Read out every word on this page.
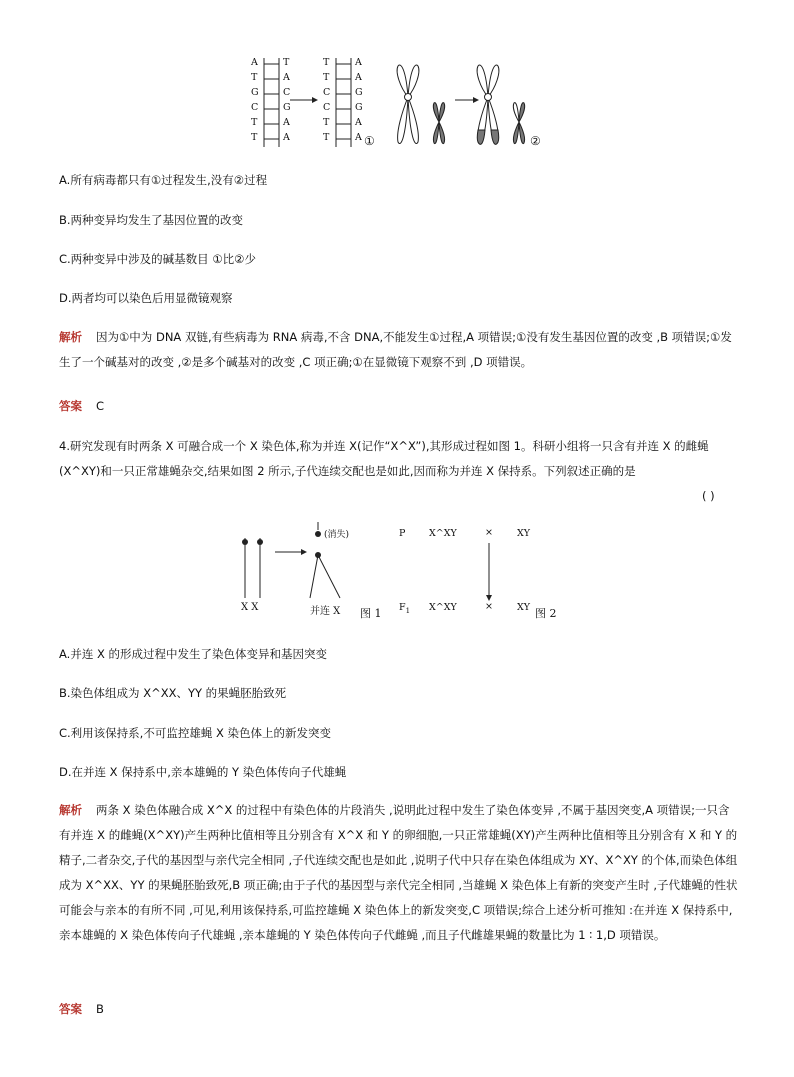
A
T
G
C
T
T
T
A
C
G
A
A
T
T
C
C
T
T
A
A
G
G
A
A ①	②
A.所有病毒都只有①过程发生,没有②过程
B.两种变异均发生了基因位置的改变
C.两种变异中涉及的碱基数目 ①比②少
D.两者均可以染色后用显微镜观察
解析 因为①中为 DNA 双链,有些病毒为 RNA 病毒,不含 DNA,不能发生①过程,A 项错误;①没有发生基因位置的改变 ,B 项错误;①发生了一个碱基对的改变 ,②是多个碱基对的改变 ,C 项正确;①在显微镜下观察不到 ,D 项错误。
答案 C
4.研究发现有时两条 X 可融合成一个 X 染色体,称为并连 X(记作“X^X”),其形成过程如图 1。科研小组将一只含有并连 X 的雌蝇(X^XY)和一只正常雄蝇杂交,结果如图 2 所示,子代连续交配也是如此,因而称为并连 X 保持系。下列叙述正确的是
( )
X X
(消失)
并连 X 图 1
P X^XY	×	XY
$F_1$ X^XY	×	XY 图 2
A.并连 X 的形成过程中发生了染色体变异和基因突变
B.染色体组成为 X^XX、YY 的果蝇胚胎致死
C.利用该保持系,不可监控雄蝇 X 染色体上的新发突变
D.在并连 X 保持系中,亲本雄蝇的 Y 染色体传向子代雄蝇
解析 两条 X 染色体融合成 X^X 的过程中有染色体的片段消失 ,说明此过程中发生了染色体变异 ,不属于基因突变,A 项错误;一只含有并连 X 的雌蝇(X^XY)产生两种比值相等且分别含有 X^X 和 Y 的卵细胞,一只正常雄蝇(XY)产生两种比值相等且分别含有 X 和 Y 的精子,二者杂交,子代的基因型与亲代完全相同 ,子代连续交配也是如此 ,说明子代中只存在染色体组成为 XY、X^XY 的个体,而染色体组成为 X^XX、YY 的果蝇胚胎致死,B 项正确;由于子代的基因型与亲代完全相同 ,当雄蝇 X 染色体上有新的突变产生时 ,子代雄蝇的性状可能会与亲本的有所不同 ,可见,利用该保持系,可监控雄蝇 X 染色体上的新发突变,C 项错误;综合上述分析可推知 :在并连 X 保持系中,亲本雄蝇的 X 染色体传向子代雄蝇 ,亲本雄蝇的 Y 染色体传向子代雌蝇 ,而且子代雌雄果蝇的数量比为 1 ∶ 1,D 项错误。
答案 B
